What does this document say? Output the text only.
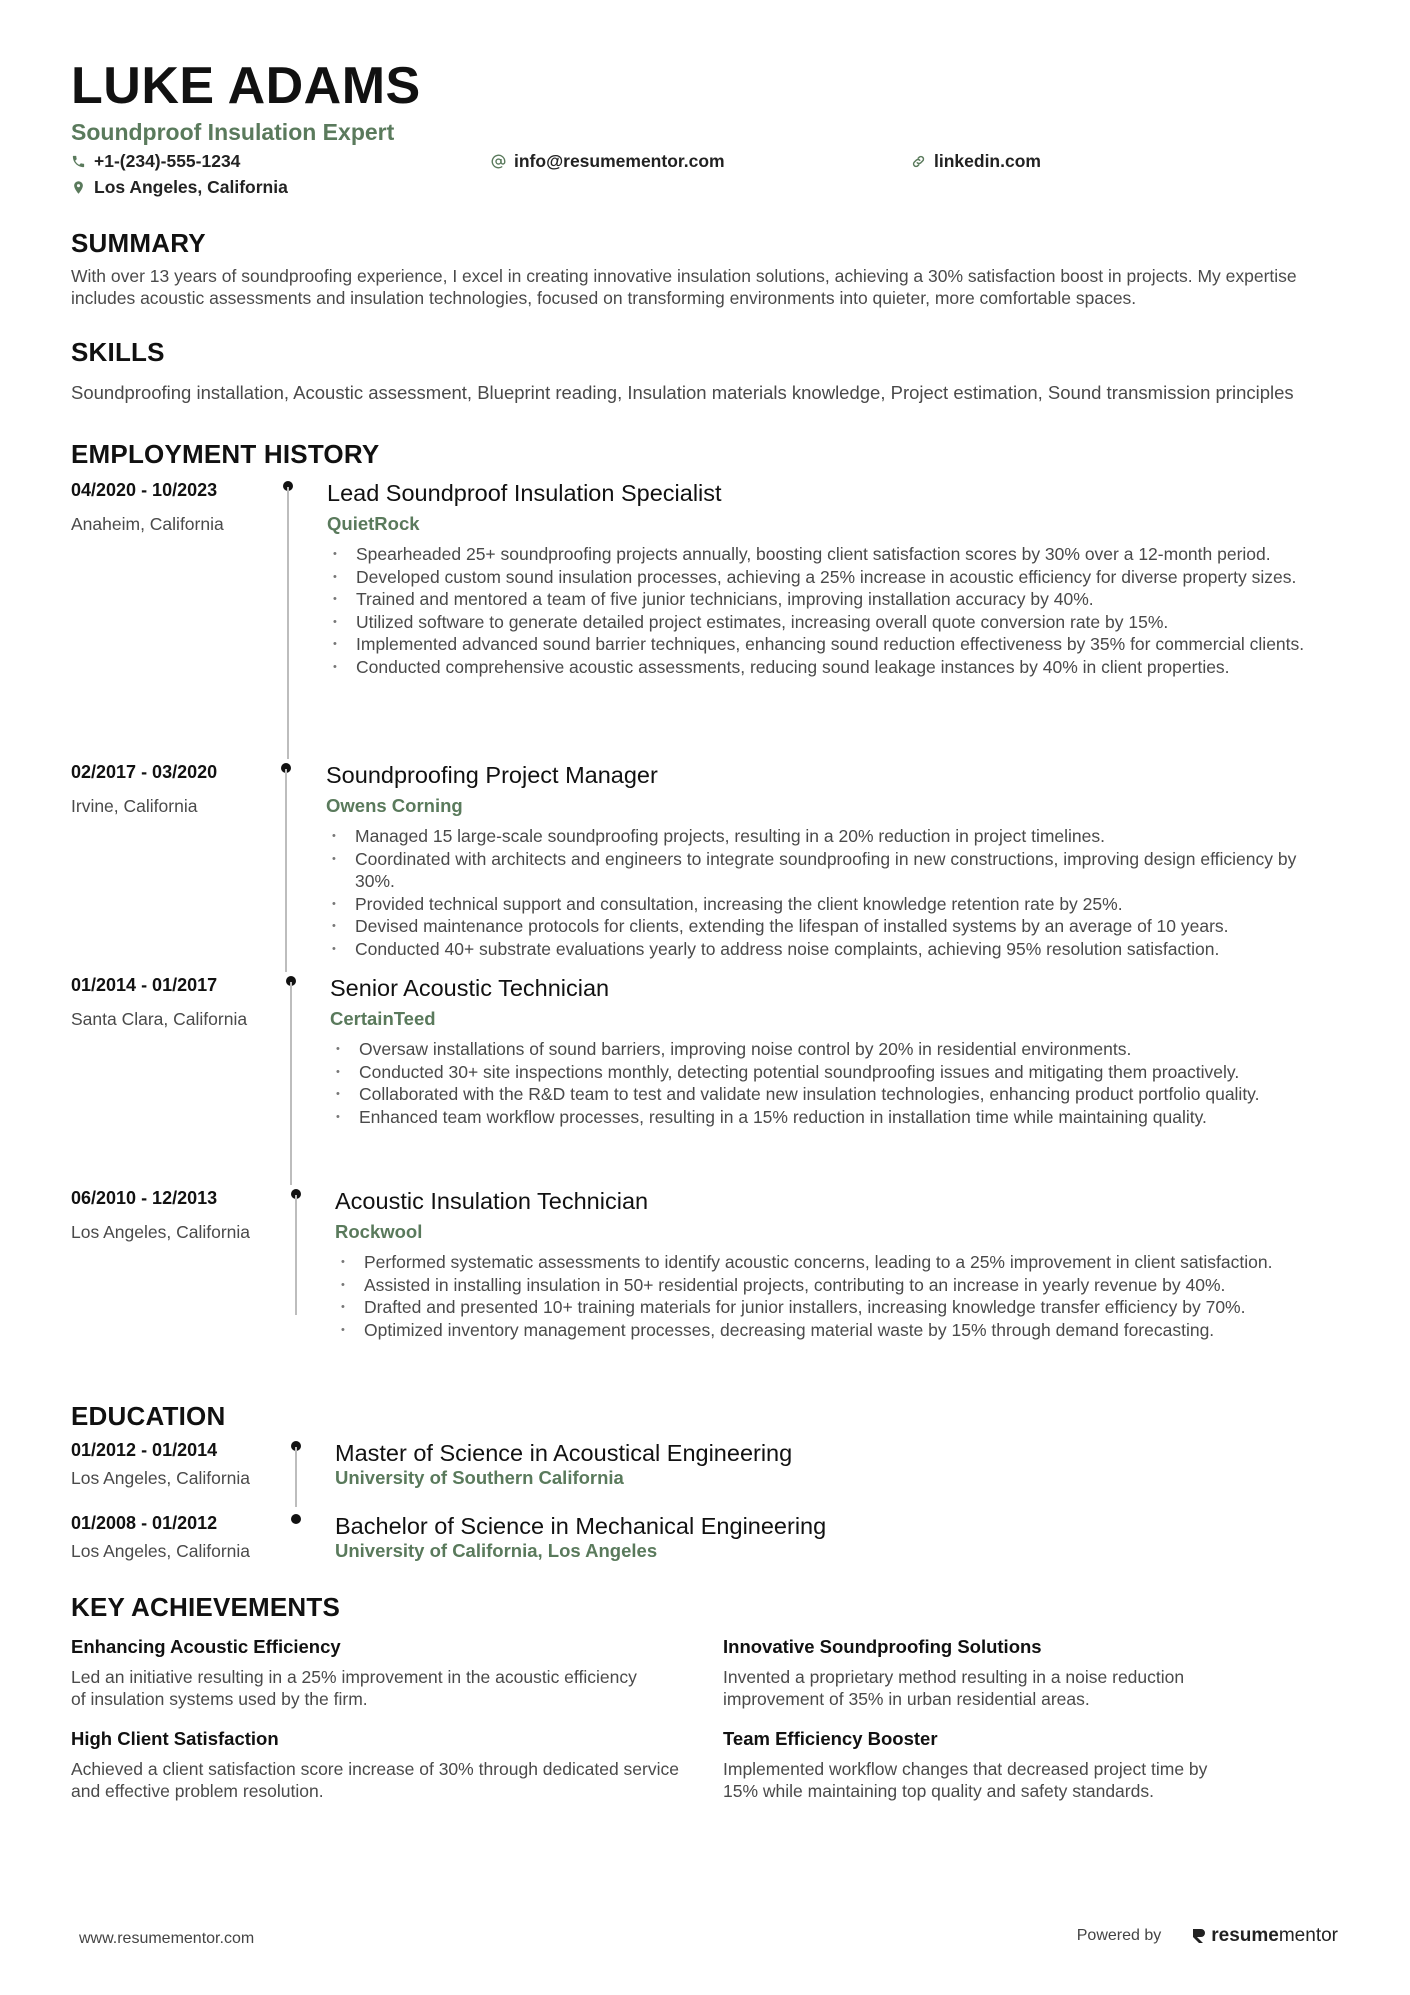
LUKE ADAMS
Soundproof Insulation Expert
+1-(234)-555-1234	info@resumementor.com	linkedin.com
Los Angeles, California
SUMMARY
With over 13 years of soundproofing experience, I excel in creating innovative insulation solutions, achieving a 30% satisfaction boost in projects. My expertise includes acoustic assessments and insulation technologies, focused on transforming environments into quieter, more comfortable spaces.
SKILLS
Soundproofing installation, Acoustic assessment, Blueprint reading, Insulation materials knowledge, Project estimation, Sound transmission principles
EMPLOYMENT HISTORY
04/2020 - 10/2023
Anaheim, California
Lead Soundproof Insulation Specialist
QuietRock
• Spearheaded 25+ soundproofing projects annually, boosting client satisfaction scores by 30% over a 12-month period.
• Developed custom sound insulation processes, achieving a 25% increase in acoustic efficiency for diverse property sizes.
• Trained and mentored a team of five junior technicians, improving installation accuracy by 40%.
• Utilized software to generate detailed project estimates, increasing overall quote conversion rate by 15%.
• Implemented advanced sound barrier techniques, enhancing sound reduction effectiveness by 35% for commercial clients.
• Conducted comprehensive acoustic assessments, reducing sound leakage instances by 40% in client properties.
02/2017 - 03/2020
Irvine, California
Soundproofing Project Manager
Owens Corning
• Managed 15 large-scale soundproofing projects, resulting in a 20% reduction in project timelines.
• Coordinated with architects and engineers to integrate soundproofing in new constructions, improving design efficiency by 30%.
• Provided technical support and consultation, increasing the client knowledge retention rate by 25%.
• Devised maintenance protocols for clients, extending the lifespan of installed systems by an average of 10 years.
• Conducted 40+ substrate evaluations yearly to address noise complaints, achieving 95% resolution satisfaction.
01/2014 - 01/2017
Santa Clara, California
Senior Acoustic Technician
CertainTeed
• Oversaw installations of sound barriers, improving noise control by 20% in residential environments.
• Conducted 30+ site inspections monthly, detecting potential soundproofing issues and mitigating them proactively.
• Collaborated with the R&D team to test and validate new insulation technologies, enhancing product portfolio quality.
• Enhanced team workflow processes, resulting in a 15% reduction in installation time while maintaining quality.
06/2010 - 12/2013
Los Angeles, California
Acoustic Insulation Technician
Rockwool
• Performed systematic assessments to identify acoustic concerns, leading to a 25% improvement in client satisfaction.
• Assisted in installing insulation in 50+ residential projects, contributing to an increase in yearly revenue by 40%.
• Drafted and presented 10+ training materials for junior installers, increasing knowledge transfer efficiency by 70%.
• Optimized inventory management processes, decreasing material waste by 15% through demand forecasting.
EDUCATION
01/2012 - 01/2014
Los Angeles, California
Master of Science in Acoustical Engineering
University of Southern California
01/2008 - 01/2012
Los Angeles, California
Bachelor of Science in Mechanical Engineering
University of California, Los Angeles
KEY ACHIEVEMENTS
Enhancing Acoustic Efficiency
Led an initiative resulting in a 25% improvement in the acoustic efficiency of insulation systems used by the firm.
Innovative Soundproofing Solutions
Invented a proprietary method resulting in a noise reduction improvement of 35% in urban residential areas.
High Client Satisfaction
Achieved a client satisfaction score increase of 30% through dedicated service and effective problem resolution.
Team Efficiency Booster
Implemented workflow changes that decreased project time by 15% while maintaining top quality and safety standards.
www.resumementor.com	Powered by	resume mentor
